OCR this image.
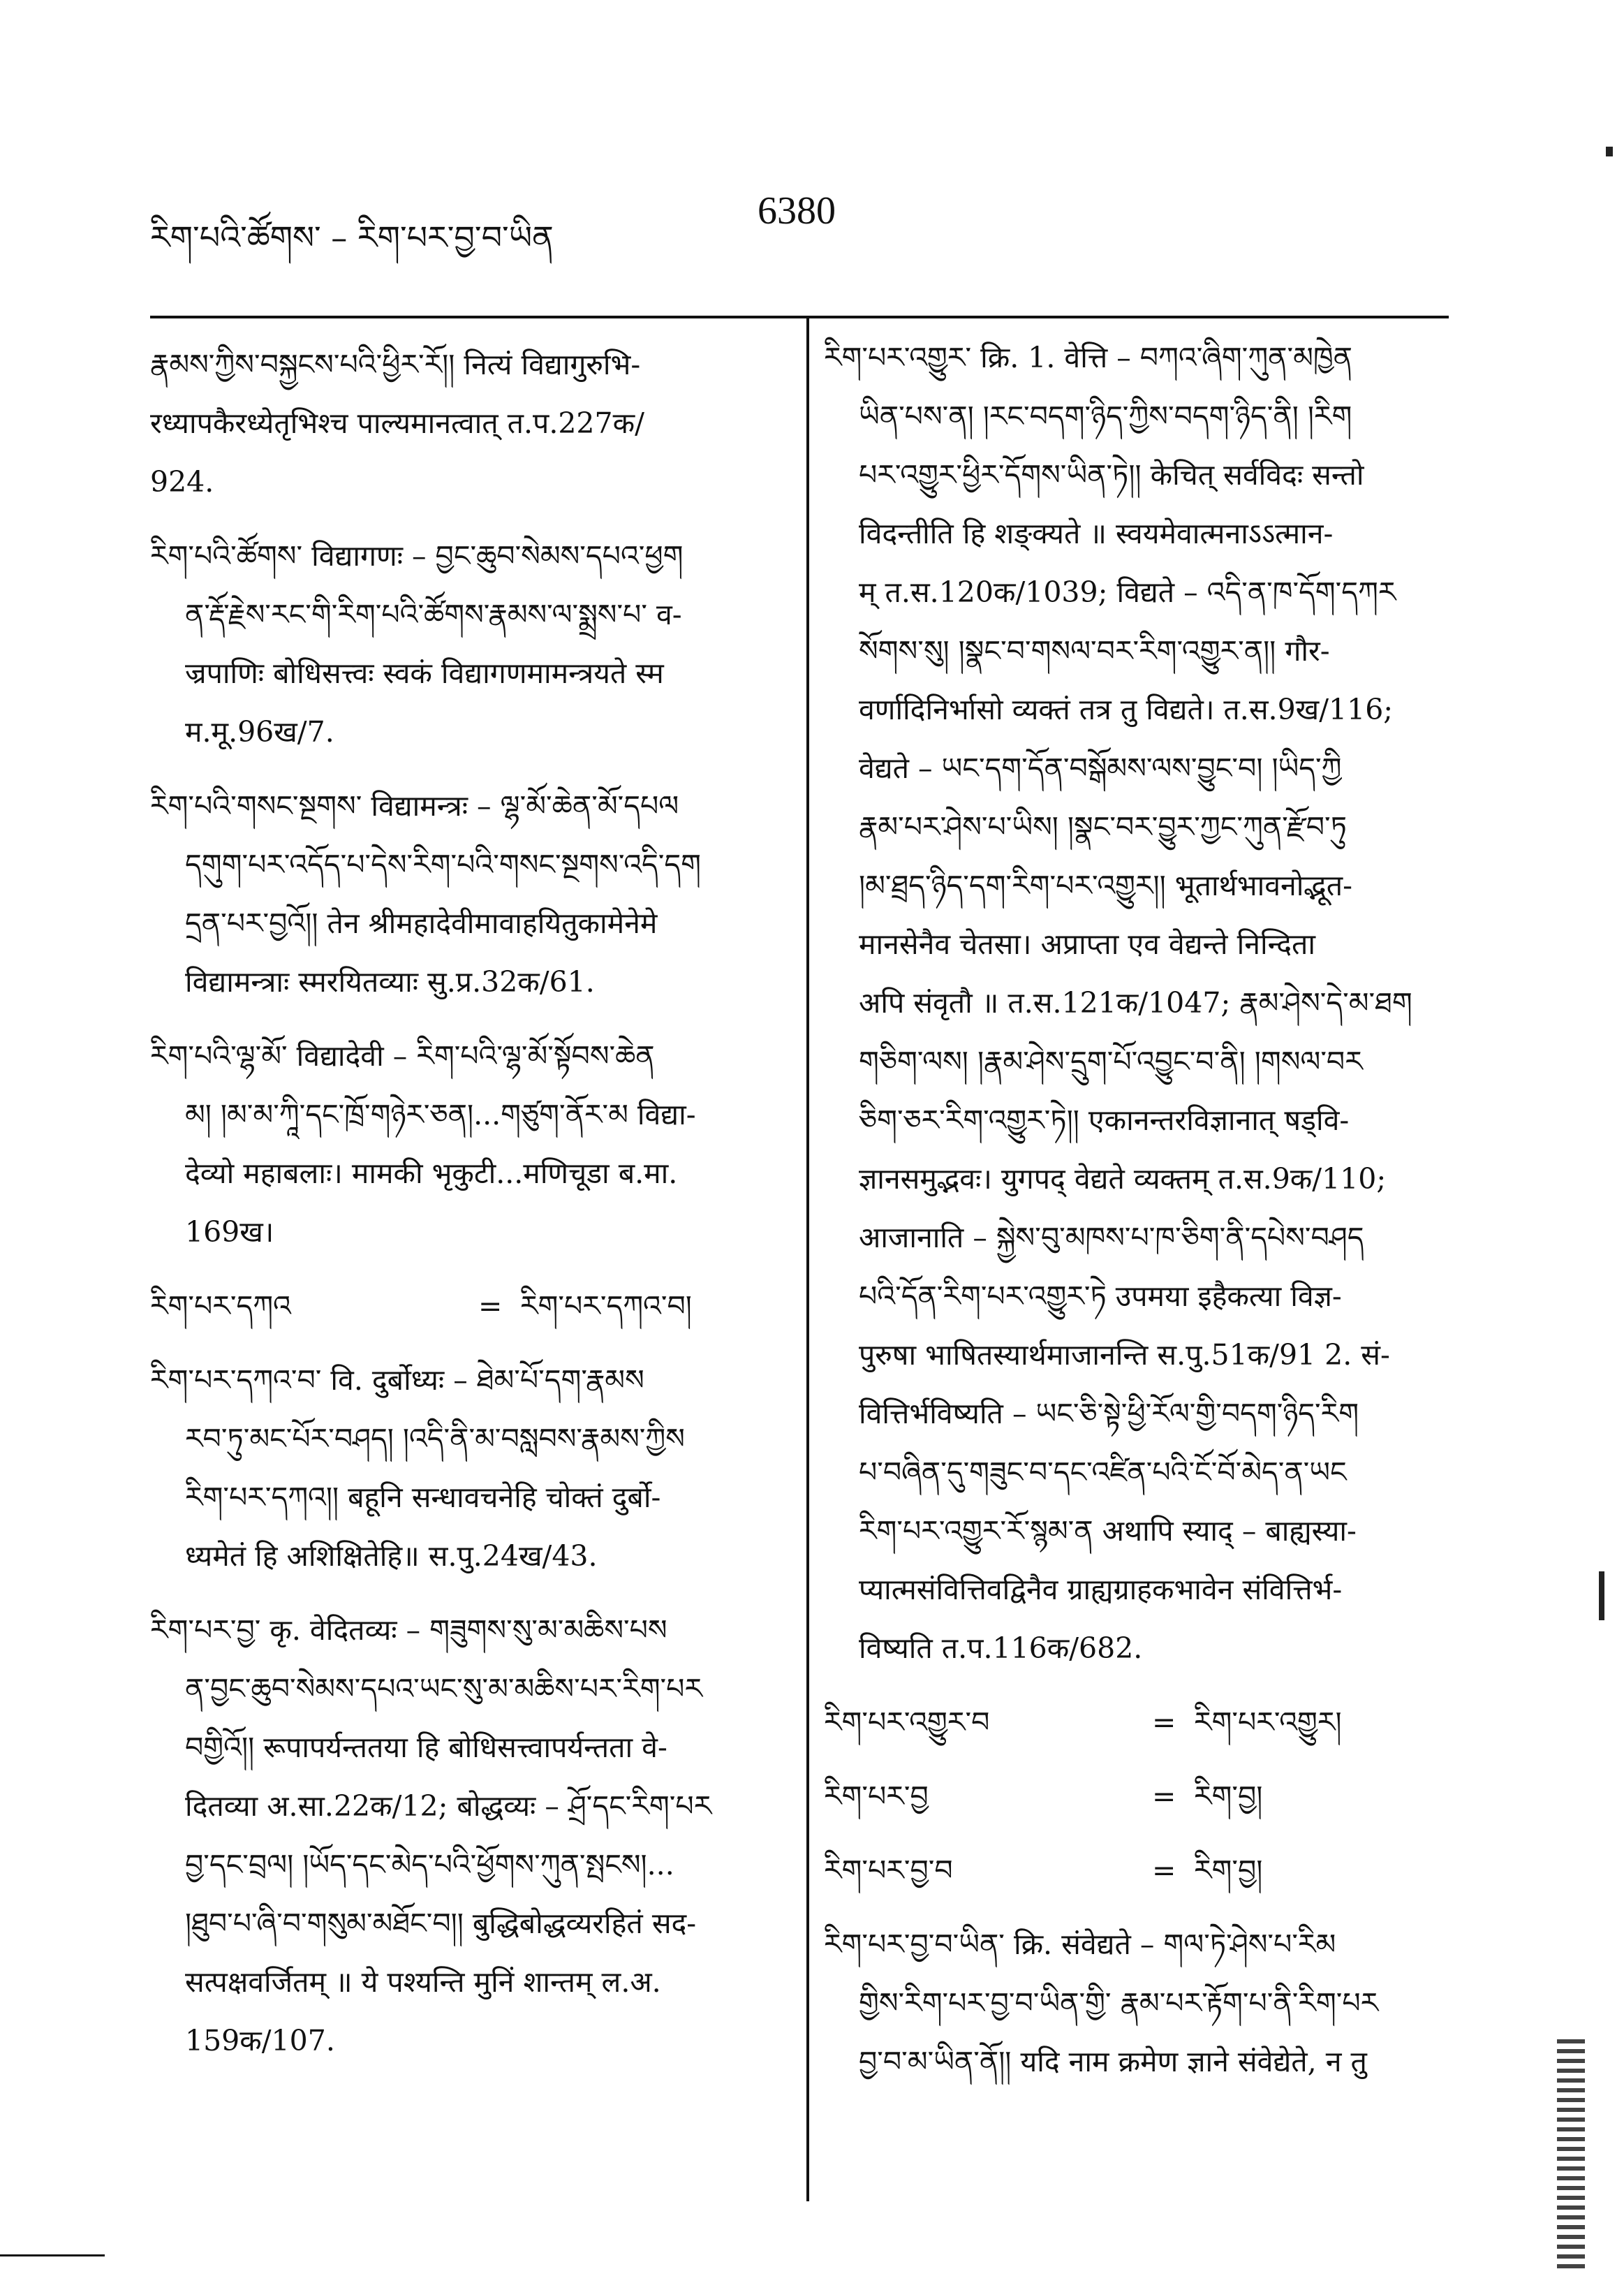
རིག་པའི་ཚོགས་ – རིག་པར་བྱ་བ་ཡིན
6380
རྣམས་ཀྱིས་བསྐྱངས་པའི་ཕྱིར་རོ།། नित्यं विद्यागुरुभि-
रध्यापकैरध्येतृभिश्च पाल्यमानत्वात् त.प.227क/
924.
རིག་པའི་ཚོགས་ विद्यागणः – བྱང་ཆུབ་སེམས་དཔའ་ཕྱག
ན་རྡོ་རྗེས་རང་གི་རིག་པའི་ཚོགས་རྣམས་ལ་སྨྲས་པ་ व-
ज्रपाणिः बोधिसत्त्वः स्वकं विद्यागणमामन्त्रयते स्म
म.मू.96ख/7.
རིག་པའི་གསང་སྔགས་ विद्यामन्त्रः – ལྷ་མོ་ཆེན་མོ་དཔལ
དགུག་པར་འདོད་པ་དེས་རིག་པའི་གསང་སྔགས་འདི་དག
དྲན་པར་བྱའོ།། तेन श्रीमहादेवीमावाहयितुकामेनेमे
विद्यामन्त्राः स्मरयितव्याः सु.प्र.32क/61.
རིག་པའི་ལྷ་མོ་ विद्यादेवी – རིག་པའི་ལྷ་མོ་སྟོབས་ཆེན
མ། །མ་མ་ཀཱི་དང་ཁྲོ་གཉེར་ཅན།...གཙུག་ནོར་མ विद्या-
देव्यो महाबलाः। मामकी भृकुटी...मणिचूडा ब.मा.
169ख।
རིག་པར་དཀའ	= རིག་པར་དཀའ་བ།
རིག་པར་དཀའ་བ་ वि. दुर्बोध्यः – ཐེམ་པོ་དག་རྣམས
རབ་ཏུ་མང་པོར་བཤད། །འདི་ནི་མ་བསླབས་རྣམས་ཀྱིས
རིག་པར་དཀའ།། बहूनि सन्धावचनेहि चोक्तं दुर्बो-
ध्यमेतं हि अशिक्षितेहि॥ स.पु.24ख/43.
རིག་པར་བྱ་ कृ. वेदितव्यः – གཟུགས་སུ་མ་མཆིས་པས
ན་བྱང་ཆུབ་སེམས་དཔའ་ཡང་སུ་མ་མཆིས་པར་རིག་པར
བགྱིའོ།། रूपापर्यन्ततया हि बोधिसत्त्वापर्यन्तता वे-
दितव्या अ.सा.22क/12; बोद्धव्यः – ཤྲོ་དང་རིག་པར
བྱ་དང་བྲལ། །ཡོད་དང་མེད་པའི་ཕྱོགས་ཀུན་སྤངས།...
།ཐུབ་པ་ཞི་བ་གསུམ་མཐོང་བ།། बुद्धिबोद्धव्यरहितं सद-
सत्पक्षवर्जितम् ॥ ये पश्यन्ति मुनिं शान्तम् ल.अ.
159क/107.
རིག་པར་འགྱུར་ क्रि. 1. वेत्ति – བཀའ་ཞིག་ཀུན་མཁྱེན
ཡིན་པས་ན། །རང་བདག་ཉིད་ཀྱིས་བདག་ཉིད་ནི། །རིག
པར་འགྱུར་ཕྱིར་དོགས་ཡིན་ཏེ།། केचित् सर्वविदः सन्तो
विदन्तीति हि शङ्क्यते ॥ स्वयमेवात्मनाऽऽत्मान-
म् त.स.120क/1039; विद्यते – འདི་ན་ཁ་དོག་དཀར
སོགས་སུ། །སྣང་བ་གསལ་བར་རིག་འགྱུར་ན།། गौर-
वर्णादिनिर्भासो व्यक्तं तत्र तु विद्यते। त.स.9ख/116;
वेद्यते – ཡང་དག་དོན་བསྒོམས་ལས་བྱུང་བ། །ཡིད་ཀྱི
རྣམ་པར་ཤེས་པ་ཡིས། །སྣང་བར་བྱུར་ཀྱང་ཀུན་རྫོབ་ཏུ
།མ་ཐྲད་ཉིད་དག་རིག་པར་འགྱུར།། भूतार्थभावनोद्भूत-
मानसेनैव चेतसा। अप्राप्ता एव वेद्यन्ते निन्दिता
अपि संवृतौ ॥ त.स.121क/1047; རྣམ་ཤེས་དེ་མ་ཐག
གཅིག་ལས། །རྣམ་ཤེས་དྲུག་པོ་འབྱུང་བ་ནི། །གསལ་བར
ཅིག་ཅར་རིག་འགྱུར་ཏེ།། एकानन्तरविज्ञानात् षड्वि-
ज्ञानसमुद्भवः। युगपद् वेद्यते व्यक्तम् त.स.9क/110;
आजानाति – སྐྱེས་བུ་མཁས་པ་ཁ་ཅིག་ནི་དཔེས་བཤད
པའི་དོན་རིག་པར་འགྱུར་ཏེ उपमया इहैकत्या विज्ञ-
पुरुषा भाषितस्यार्थमाजानन्ति स.पु.51क/91 2. सं-
वित्तिर्भविष्यति – ཡང་ཅི་སྟེ་ཕྱི་རོལ་གྱི་བདག་ཉིད་རིག
པ་བཞིན་དུ་གཟུང་བ་དང་འཛིན་པའི་ངོ་བོ་མེད་ན་ཡང
རིག་པར་འགྱུར་རོ་སྙམ་ན अथापि स्याद् – बाह्यस्या-
प्यात्मसंवित्तिवद्विनैव ग्राह्यग्राहकभावेन संवित्तिर्भ-
विष्यति त.प.116क/682.
རིག་པར་འགྱུར་བ	= རིག་པར་འགྱུར།
རིག་པར་བྱ	= རིག་བྱ།
རིག་པར་བྱ་བ	= རིག་བྱ།
རིག་པར་བྱ་བ་ཡིན་ क्रि. संवेद्यते – གལ་ཏེ་ཤེས་པ་རིམ
གྱིས་རིག་པར་བྱ་བ་ཡིན་གྱི་ རྣམ་པར་རྟོག་པ་ནི་རིག་པར
བྱ་བ་མ་ཡིན་ནོ།། यदि नाम क्रमेण ज्ञाने संवेद्येते, न तु
